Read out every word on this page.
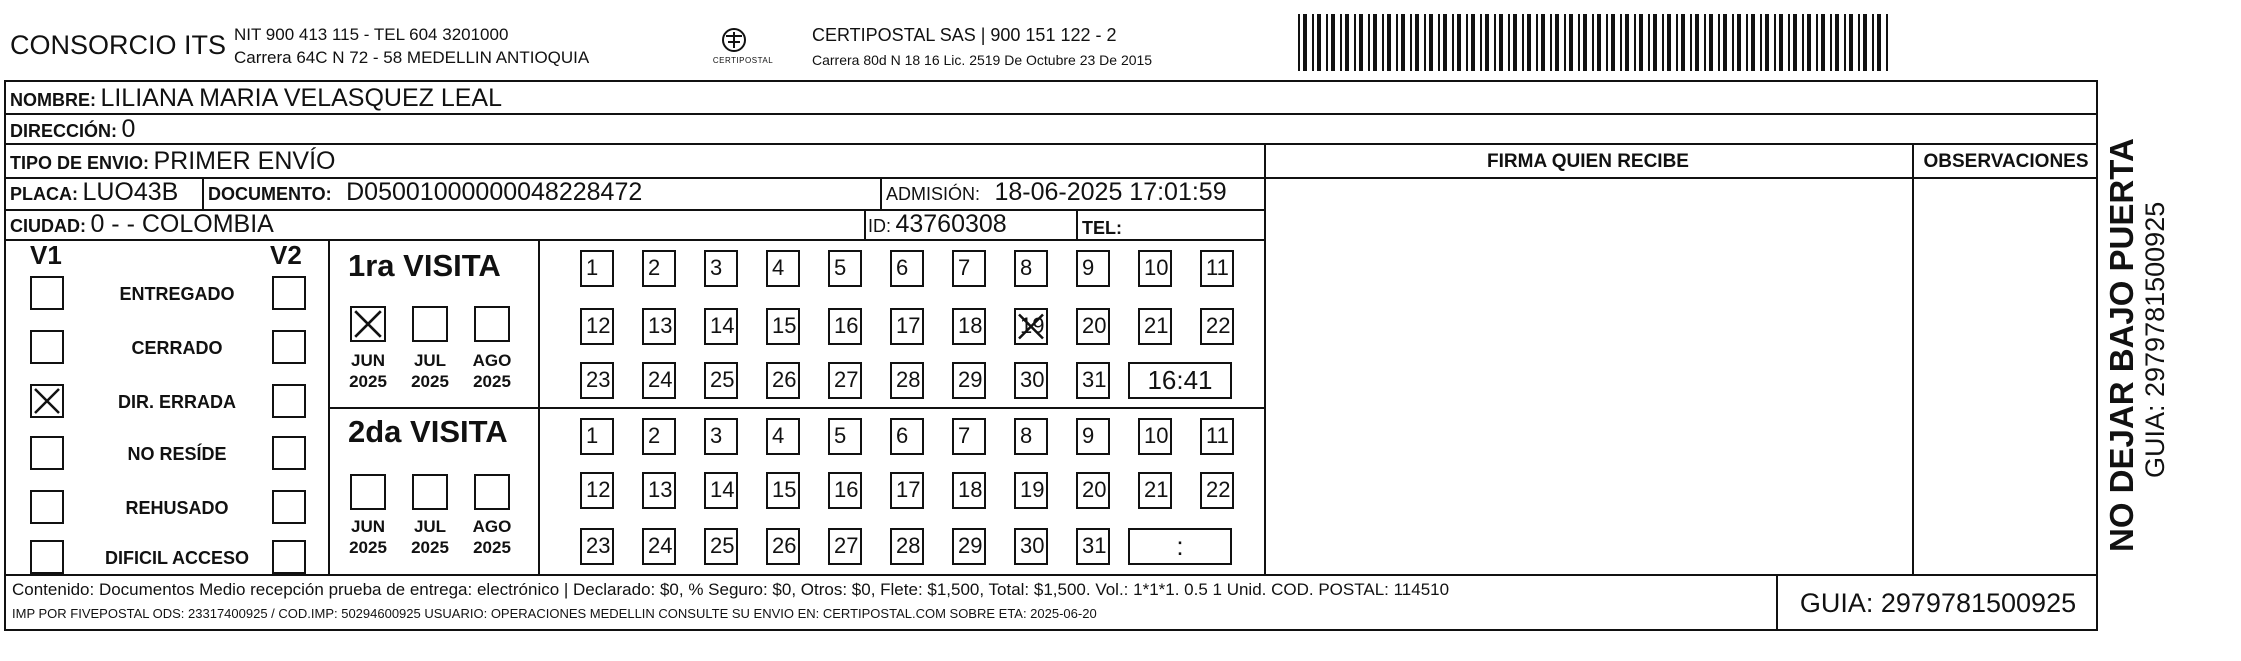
CONSORCIO ITS NIT 900 413 115 - TEL 604 3201000
Carrera 64C N 72 - 58 MEDELLIN ANTIOQUIA	CERTIPOSTAL
CERTIPOSTAL SAS | 900 151 122 - 2
Carrera 80d N 18 16 Lic. 2519 De Octubre 23 De 2015
NOMBRE: LILIANA MARIA VELASQUEZ LEAL
DIRECCIÓN: 0
TIPO DE ENVIO: PRIMER ENVÍO
PLACA: LUO43B DOCUMENTO: D05001000000048228472	ADMISIÓN: 18-06-2025 17:01:59
CIUDAD: 0 - - COLOMBIA	ID: 43760308	TEL:
FIRMA QUIEN RECIBE	OBSERVACIONES
V1	V2
ENTREGADO
CERRADO
DIR. ERRADA
NO RESÍDE
REHUSADO
DIFICIL ACCESO
1ra VISITA
JUN
2025
JUL
2025
AGO
2025
1	2	3	4	5	6	7	8	9	10 11
12 13 14 15 16 17 18 19 20 21 22
23 24 25 26 27 28 29 30 31	16:41
2da VISITA
JUN
2025
JUL
2025
AGO
2025
1	2	3	4	5	6	7	8	9	10 11
12 13 14 15 16 17 18 19 20 21 22
23 24 25 26 27 28 29 30 31	:
Contenido: Documentos Medio recepción prueba de entrega: electrónico | Declarado: $0, % Seguro: $0, Otros: $0, Flete: $1,500, Total: $1,500. Vol.: 1*1*1. 0.5 1 Unid. COD. POSTAL: 114510
IMP POR FIVEPOSTAL ODS: 23317400925 / COD.IMP: 50294600925 USUARIO: OPERACIONES MEDELLIN CONSULTE SU ENVIO EN: CERTIPOSTAL.COM SOBRE ETA: 2025-06-20	GUIA: 2979781500925
NO DEJAR BAJO PUERTA GUIA: 2979781500925
